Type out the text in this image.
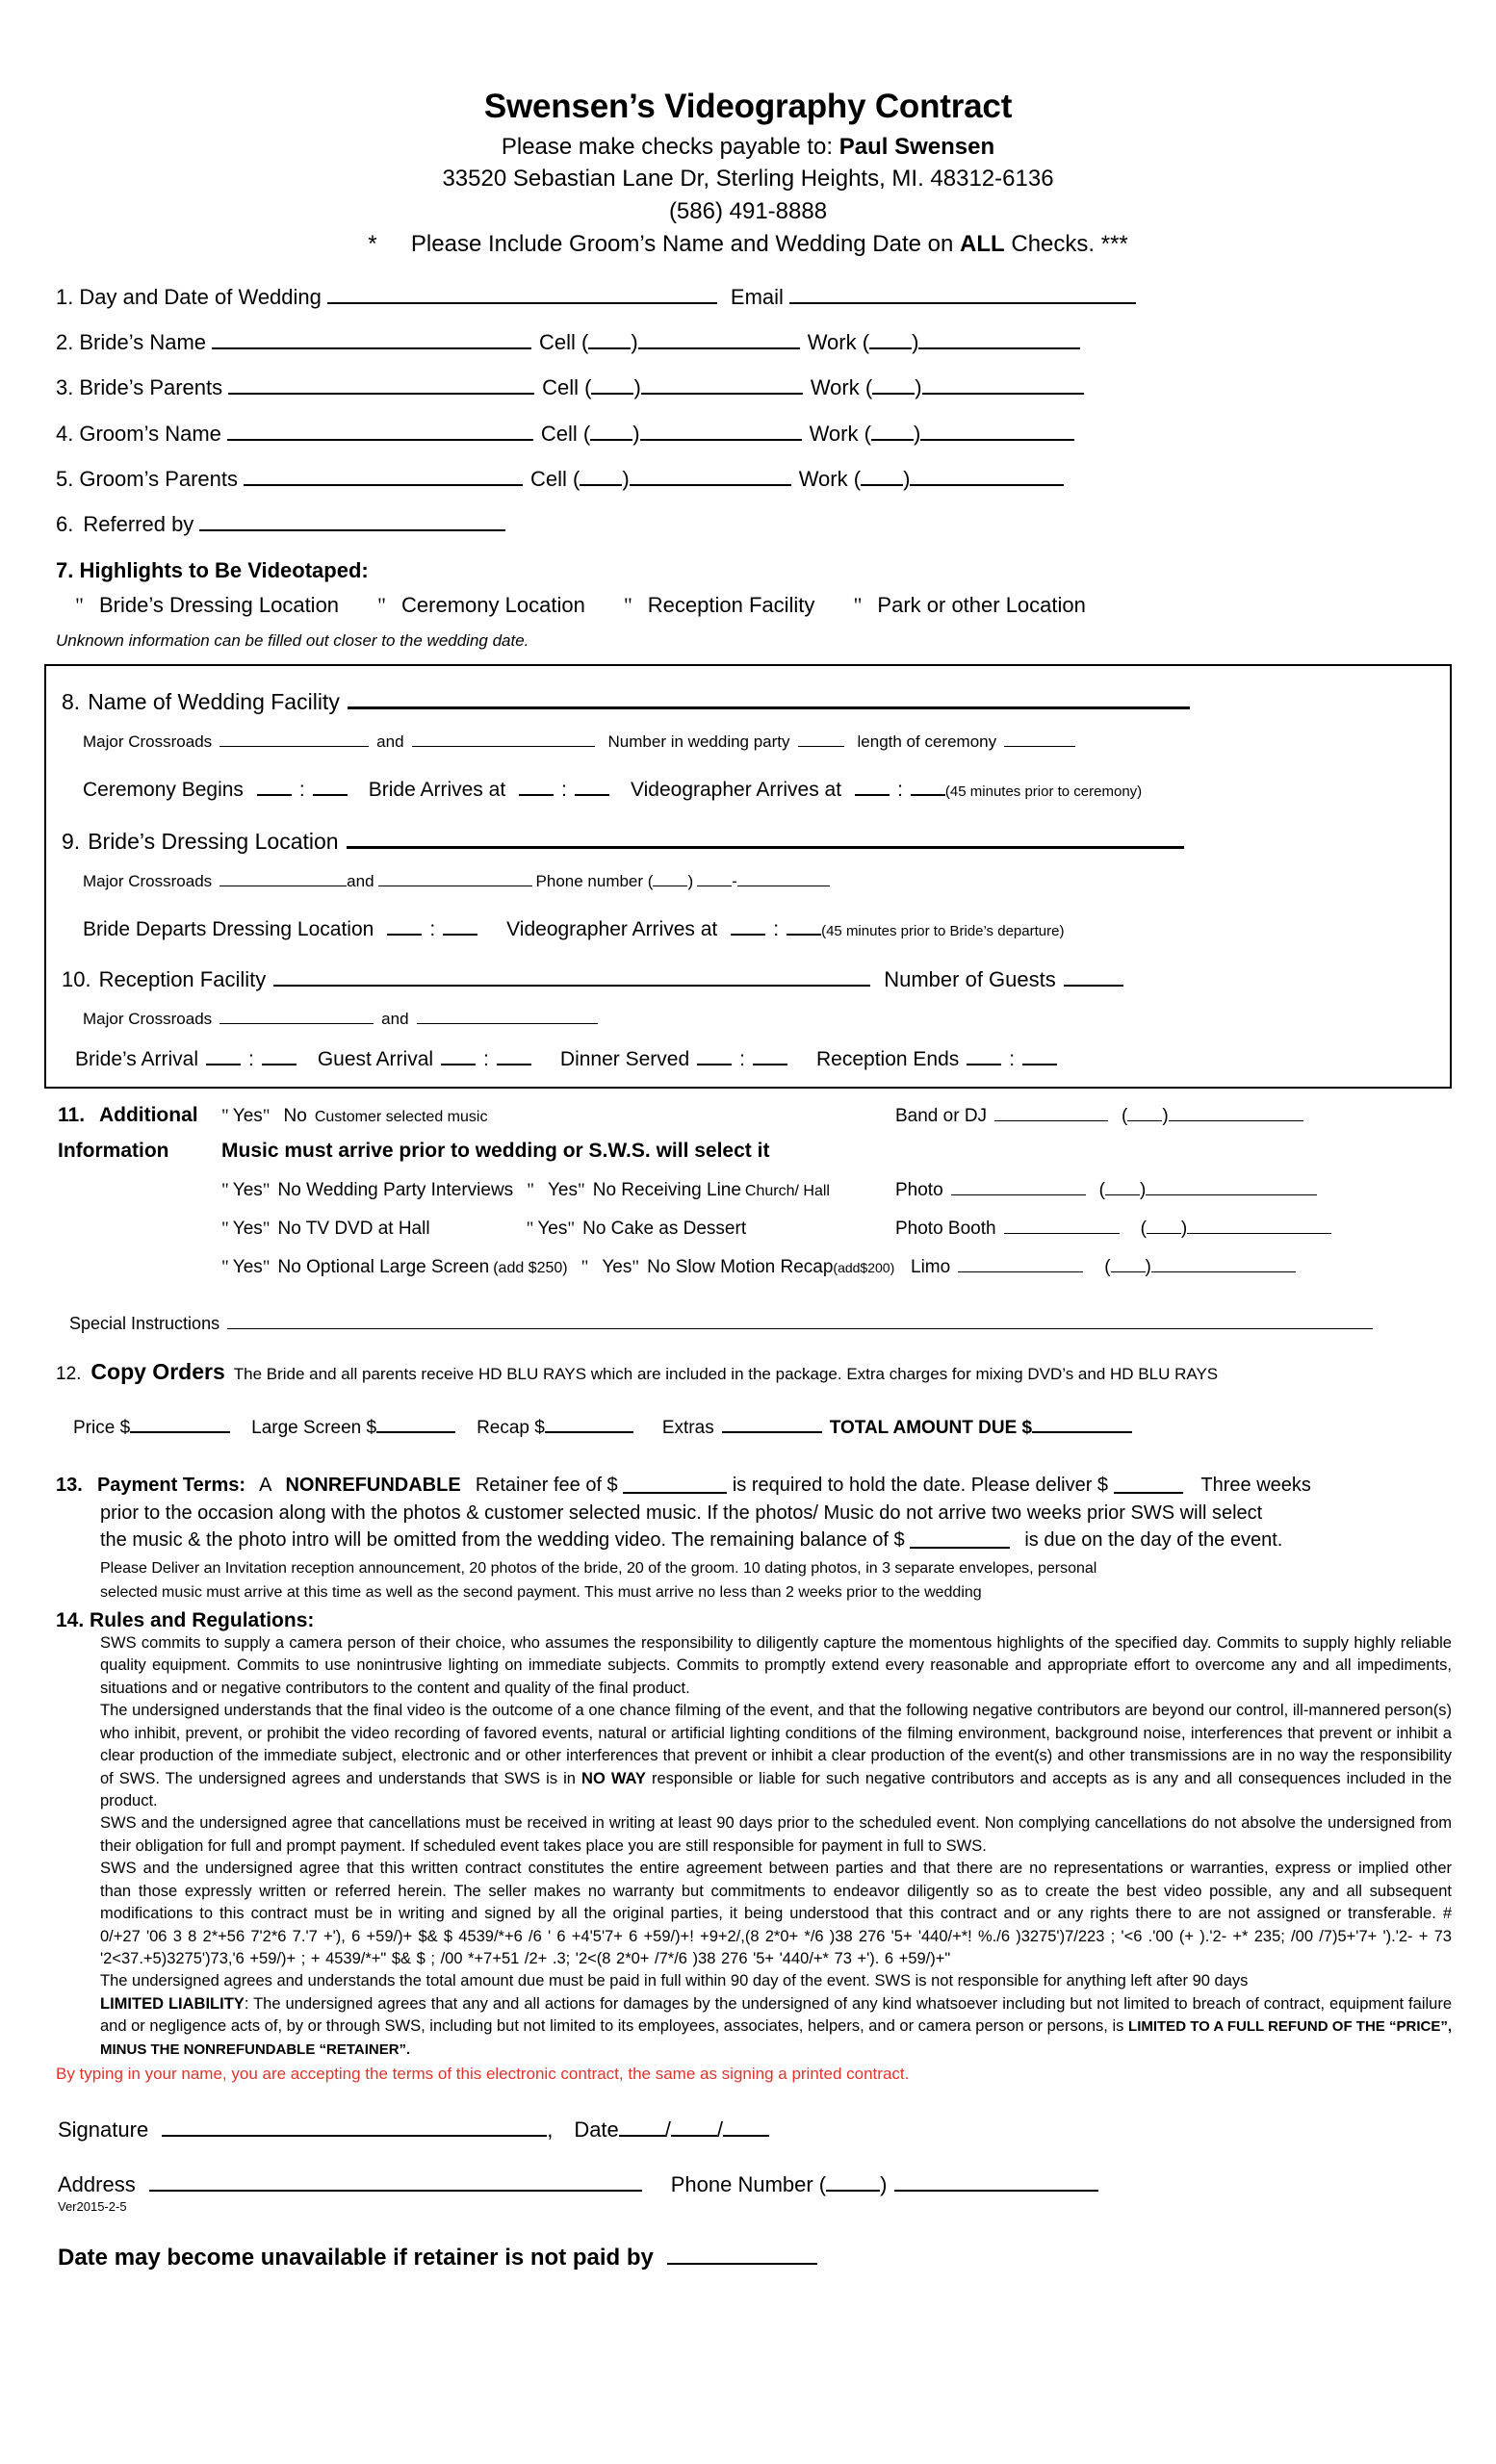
Swensen’s Videography Contract
Please make checks payable to: Paul Swensen
33520 Sebastian Lane Dr, Sterling Heights, MI. 48312-6136
(586) 491-8888
* Please Include Groom’s Name and Wedding Date on ALL Checks. ***
1. Day and Date of Wedding	Email
2. Bride’s Name	Cell ( )	Work ( )
3. Bride’s Parents	Cell ( )	Work ( )
4. Groom’s Name	Cell ( )	Work ( )
5. Groom’s Parents	Cell ( )	Work ( )
6. Referred by
7. Highlights to Be Videotaped:
" Bride’s Dressing Location " Ceremony Location " Reception Facility " Park or other Location
Unknown information can be filled out closer to the wedding date.
8. Name of Wedding Facility
Major Crossroads	and	Number in wedding party	length of ceremony
Ceremony Begins	:	Bride Arrives at	:	Videographer Arrives at	:	(45 minutes prior to ceremony)
9. Bride’s Dressing Location
Major Crossroads	and	Phone number ( ) -
Bride Departs Dressing Location	:	Videographer Arrives at	:	(45 minutes prior to Bride’s departure)
10. Reception Facility	Number of Guests
Major Crossroads	and
Bride’s Arrival :	Guest Arrival :	Dinner Served :	Reception Ends :
11. Additional	" Yes " No Customer selected music	Band or DJ	( )
Information	Music must arrive prior to wedding or S.W.S. will select it
" Yes " No Wedding Party Interviews " Yes " No Receiving Line Church/ Hall	Photo	( )
" Yes " No TV DVD at Hall	" Yes " No Cake as Dessert	Photo Booth	( )
" Yes " No Optional Large Screen (add $250) " Yes " No Slow Motion Recap (add$200) Limo	( )
Special Instructions
12. Copy Orders The Bride and all parents receive HD BLU RAYS which are included in the package. Extra charges for mixing DVD’s and HD BLU RAYS
Price $	Large Screen $	Recap $	Extras	TOTAL AMOUNT DUE $
13. Payment Terms: A NONREFUNDABLE Retainer fee of $	is required to hold the date. Please deliver $	Three weeks
prior to the occasion along with the photos & customer selected music. If the photos/ Music do not arrive two weeks prior SWS will select
the music & the photo intro will be omitted from the wedding video. The remaining balance of $	is due on the day of the event.
Please Deliver an Invitation reception announcement, 20 photos of the bride, 20 of the groom. 10 dating photos, in 3 separate envelopes, personal
selected music must arrive at this time as well as the second payment. This must arrive no less than 2 weeks prior to the wedding
14. Rules and Regulations:

SWS commits to supply a camera person of their choice, who assumes the responsibility to diligently capture the momentous highlights of the specified day. Commits to supply highly reliable quality equipment. Commits to use nonintrusive lighting on immediate subjects. Commits to promptly extend every reasonable and appropriate effort to overcome any and all impediments, situations and or negative contributors to the content and quality of the final product.

The undersigned understands that the final video is the outcome of a one chance filming of the event, and that the following negative contributors are beyond our control, ill-mannered person(s) who inhibit, prevent, or prohibit the video recording of favored events, natural or artificial lighting conditions of the filming environment, background noise, interferences that prevent or inhibit a clear production of the immediate subject, electronic and or other interferences that prevent or inhibit a clear production of the event(s) and other transmissions are in no way the responsibility of SWS. The undersigned agrees and understands that SWS is in NO WAY responsible or liable for such negative contributors and accepts as is any and all consequences included in the product.

SWS and the undersigned agree that cancellations must be received in writing at least 90 days prior to the scheduled event. Non complying cancellations do not absolve the undersigned from their obligation for full and prompt payment. If scheduled event takes place you are still responsible for payment in full to SWS.

SWS and the undersigned agree that this written contract constitutes the entire agreement between parties and that there are no representations or warranties, express or implied other than those expressly written or referred herein. The seller makes no warranty but commitments to endeavor diligently so as to create the best video possible, any and all subsequent modifications to this contract must be in writing and signed by all the original parties, it being understood that this contract and or any rights there to are not assigned or transferable. # 0/+27 '06 3 8 2*+56 7'2*6 7.'7 +'), 6 +59/)+ $& $ 4539/*+6 /6 ' 6 +4'5'7+ 6 +59/)+! +9+2/,(8 2*0+ */6 )38 276 '5+ '440/+*! %./6 )3275')7/223 ; '<6 .'00 (+ ).'2- +* 235; /00 /7)5+'7+ ').'2- + 73 '2<37.+5)3275')73,'6 +59/)+ ; + 4539/*+" $& $ ; /00 *+7+51 /2+ .3; '2<(8 2*0+ /7*/6 )38 276 '5+ '440/+* 73 +'). 6 +59/)+"

The undersigned agrees and understands the total amount due must be paid in full within 90 day of the event. SWS is not responsible for anything left after 90 days

LIMITED LIABILITY: The undersigned agrees that any and all actions for damages by the undersigned of any kind whatsoever including but not limited to breach of contract, equipment failure and or negligence acts of, by or through SWS, including but not limited to its employees, associates, helpers, and or camera person or persons, is LIMITED TO A FULL REFUND OF THE “PRICE”, MINUS THE NONREFUNDABLE “RETAINER”.

By typing in your name, you are accepting the terms of this electronic contract, the same as signing a printed contract.
Signature	, Date / /
Address	Phone Number (	)
Ver2015-2-5
Date may become unavailable if retainer is not paid by
